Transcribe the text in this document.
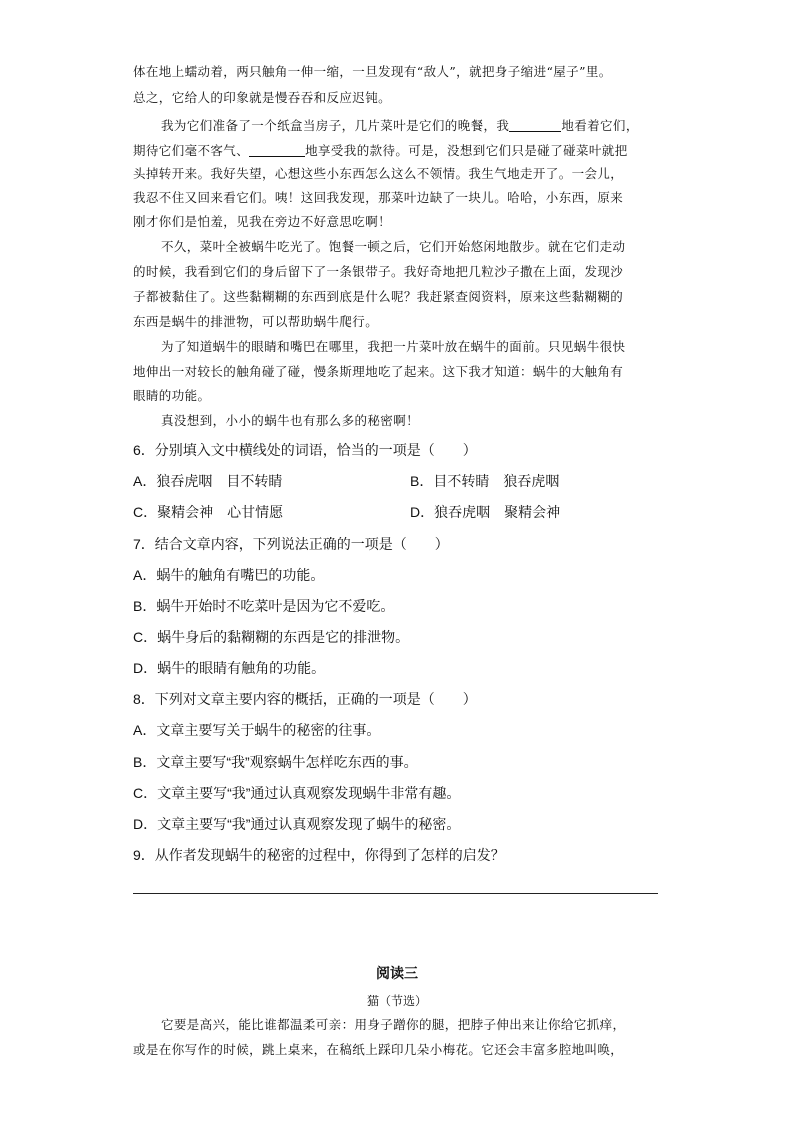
体在地上蠕动着，两只触角一伸一缩，一旦发现有“敌人”，就把身子缩进“屋子”里。
总之，它给人的印象就是慢吞吞和反应迟钝。
我为它们准备了一个纸盒当房子，几片菜叶是它们的晚餐，我	地看着它们，
期待它们毫不客气、	地享受我的款待。可是，没想到它们只是碰了碰菜叶就把
头掉转开来。我好失望，心想这些小东西怎么这么不领情。我生气地走开了。一会儿，
我忍不住又回来看它们。咦！这回我发现，那菜叶边缺了一块儿。哈哈，小东西，原来
刚才你们是怕羞，见我在旁边不好意思吃啊！
不久，菜叶全被蜗牛吃光了。饱餐一顿之后，它们开始悠闲地散步。就在它们走动
的时候，我看到它们的身后留下了一条银带子。我好奇地把几粒沙子撒在上面，发现沙
子都被黏住了。这些黏糊糊的东西到底是什么呢？我赶紧查阅资料，原来这些黏糊糊的
东西是蜗牛的排泄物，可以帮助蜗牛爬行。
为了知道蜗牛的眼睛和嘴巴在哪里，我把一片菜叶放在蜗牛的面前。只见蜗牛很快
地伸出一对较长的触角碰了碰，慢条斯理地吃了起来。这下我才知道：蜗牛的大触角有
眼睛的功能。
真没想到，小小的蜗牛也有那么多的秘密啊！
6．分别填入文中横线处的词语，恰当的一项是（　　）
A．狼吞虎咽　目不转睛	B．目不转睛　狼吞虎咽
C．聚精会神　心甘情愿	D．狼吞虎咽　聚精会神
7．结合文章内容，下列说法正确的一项是（　　）
A．蜗牛的触角有嘴巴的功能。
B．蜗牛开始时不吃菜叶是因为它不爱吃。
C．蜗牛身后的黏糊糊的东西是它的排泄物。
D．蜗牛的眼睛有触角的功能。
8．下列对文章主要内容的概括，正确的一项是（　　）
A．文章主要写关于蜗牛的秘密的往事。
B．文章主要写“我”观察蜗牛怎样吃东西的事。
C．文章主要写“我”通过认真观察发现蜗牛非常有趣。
D．文章主要写“我”通过认真观察发现了蜗牛的秘密。
9．从作者发现蜗牛的秘密的过程中，你得到了怎样的启发？
阅读三
猫（节选）
它要是高兴，能比谁都温柔可亲：用身子蹭你的腿，把脖子伸出来让你给它抓痒，
或是在你写作的时候，跳上桌来，在稿纸上踩印几朵小梅花。它还会丰富多腔地叫唤，
